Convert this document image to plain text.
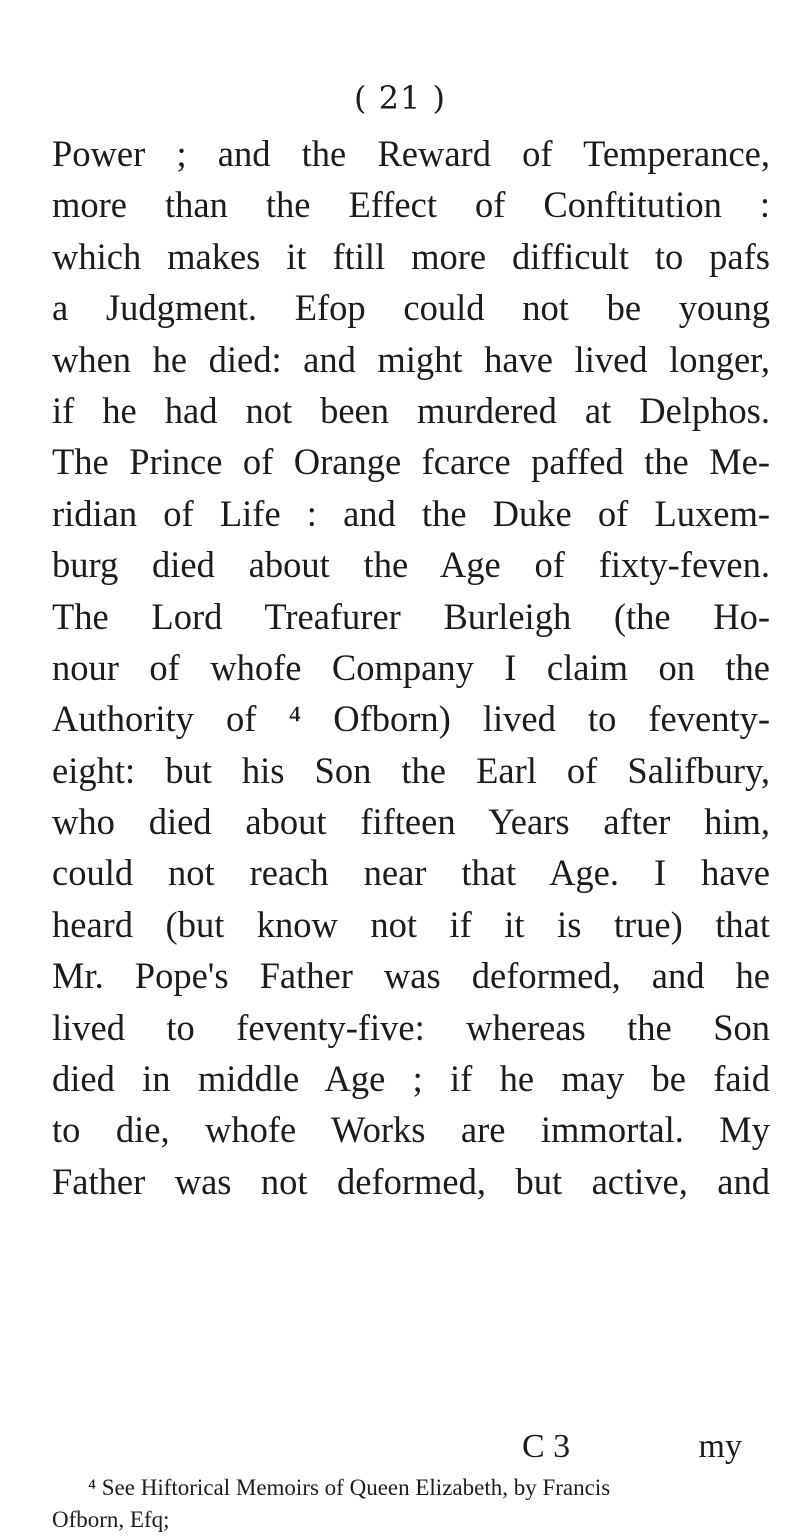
( 21 )
Power ; and the Reward of Temperance,
more than the Effect of Conftitution :
which makes it ftill more difficult to pafs
a Judgment. Efop could not be young
when he died: and might have lived longer,
if he had not been murdered at Delphos.
The Prince of Orange fcarce paffed the Me-
ridian of Life : and the Duke of Luxem-
burg died about the Age of fixty-feven.
The Lord Treafurer Burleigh (the Ho-
nour of whofe Company I claim on the
Authority of ⁴ Ofborn) lived to feventy-
eight: but his Son the Earl of Salifbury,
who died about fifteen Years after him,
could not reach near that Age. I have
heard (but know not if it is true) that
Mr. Pope's Father was deformed, and he
lived to feventy-five: whereas the Son
died in middle Age ; if he may be faid
to die, whofe Works are immortal. My
Father was not deformed, but active, and
C 3	my
⁴ See Hiftorical Memoirs of Queen Elizabeth, by Francis
Ofborn, Efq;
